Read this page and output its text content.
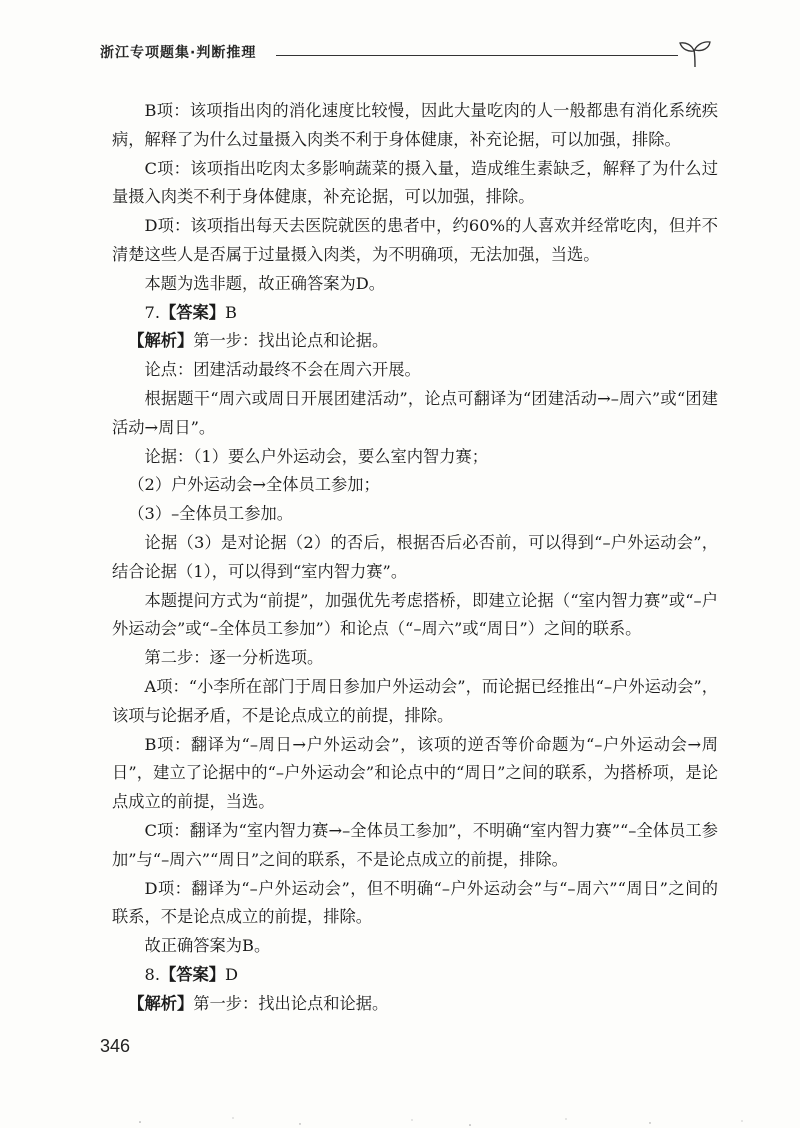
浙江专项题集·判断推理

B项：该项指出肉的消化速度比较慢，因此大量吃肉的人一般都患有消化系统疾病，解释了为什么过量摄入肉类不利于身体健康，补充论据，可以加强，排除。

C项：该项指出吃肉太多影响蔬菜的摄入量，造成维生素缺乏，解释了为什么过量摄入肉类不利于身体健康，补充论据，可以加强，排除。

D项：该项指出每天去医院就医的患者中，约60%的人喜欢并经常吃肉，但并不清楚这些人是否属于过量摄入肉类，为不明确项，无法加强，当选。

本题为选非题，故正确答案为D。

7.【答案】B

【解析】第一步：找出论点和论据。

论点：团建活动最终不会在周六开展。

根据题干“周六或周日开展团建活动”，论点可翻译为“团建活动→–周六”或“团建活动→周日”。

论据：（1）要么户外运动会，要么室内智力赛；

（2）户外运动会→全体员工参加；

（3）–全体员工参加。

论据（3）是对论据（2）的否后，根据否后必否前，可以得到“–户外运动会”，结合论据（1），可以得到“室内智力赛”。

本题提问方式为“前提”，加强优先考虑搭桥，即建立论据（“室内智力赛”或“–户外运动会”或“–全体员工参加”）和论点（“–周六”或“周日”）之间的联系。

第二步：逐一分析选项。

A项：“小李所在部门于周日参加户外运动会”，而论据已经推出“–户外运动会”，该项与论据矛盾，不是论点成立的前提，排除。

B项：翻译为“–周日→户外运动会”，该项的逆否等价命题为“–户外运动会→周日”，建立了论据中的“–户外运动会”和论点中的“周日”之间的联系，为搭桥项，是论点成立的前提，当选。

C项：翻译为“室内智力赛→–全体员工参加”，不明确“室内智力赛”“–全体员工参加”与“–周六”“周日”之间的联系，不是论点成立的前提，排除。

D项：翻译为“–户外运动会”，但不明确“–户外运动会”与“–周六”“周日”之间的联系，不是论点成立的前提，排除。

故正确答案为B。

8.【答案】D

【解析】第一步：找出论点和论据。

346
